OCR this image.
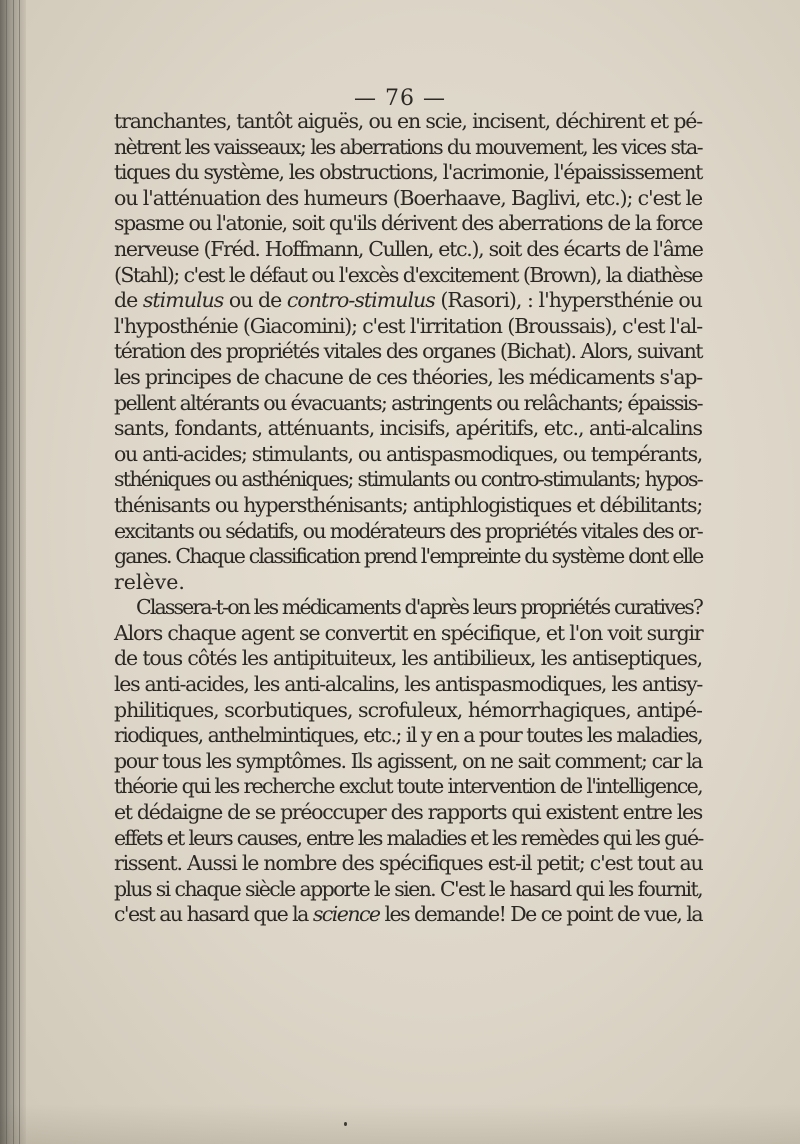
— 76 —

tranchantes, tantôt aiguës, ou en scie, incisent, déchirent et pé-
nètrent les vaisseaux; les aberrations du mouvement, les vices sta-
tiques du système, les obstructions, l'acrimonie, l'épaississement
ou l'atténuation des humeurs (Boerhaave, Baglivi, etc.); c'est le
spasme ou l'atonie, soit qu'ils dérivent des aberrations de la force
nerveuse (Fréd. Hoffmann, Cullen, etc.), soit des écarts de l'âme
(Stahl); c'est le défaut ou l'excès d'excitement (Brown), la diathèse
de stimulus ou de contro-stimulus (Rasori), : l'hypersthénie ou
l'hyposthénie (Giacomini); c'est l'irritation (Broussais), c'est l'al-
tération des propriétés vitales des organes (Bichat). Alors, suivant
les principes de chacune de ces théories, les médicaments s'ap-
pellent altérants ou évacuants; astringents ou relâchants; épaissis-
sants, fondants, atténuants, incisifs, apéritifs, etc., anti-alcalins
ou anti-acides; stimulants, ou antispasmodiques, ou tempérants,
sthéniques ou asthéniques; stimulants ou contro-stimulants; hypos-
thénisants ou hypersthénisants; antiphlogistiques et débilitants;
excitants ou sédatifs, ou modérateurs des propriétés vitales des or-
ganes. Chaque classification prend l'empreinte du système dont elle
relève.

Classera-t-on les médicaments d'après leurs propriétés curatives?
Alors chaque agent se convertit en spécifique, et l'on voit surgir
de tous côtés les antipituiteux, les antibilieux, les antiseptiques,
les anti-acides, les anti-alcalins, les antispasmodiques, les antisy-
philitiques, scorbutiques, scrofuleux, hémorrhagiques, antipé-
riodiques, anthelmintiques, etc.; il y en a pour toutes les maladies,
pour tous les symptômes. Ils agissent, on ne sait comment; car la
théorie qui les recherche exclut toute intervention de l'intelligence,
et dédaigne de se préoccuper des rapports qui existent entre les
effets et leurs causes, entre les maladies et les remèdes qui les gué-
rissent. Aussi le nombre des spécifiques est-il petit; c'est tout au
plus si chaque siècle apporte le sien. C'est le hasard qui les fournit,
c'est au hasard que la science les demande! De ce point de vue, la
